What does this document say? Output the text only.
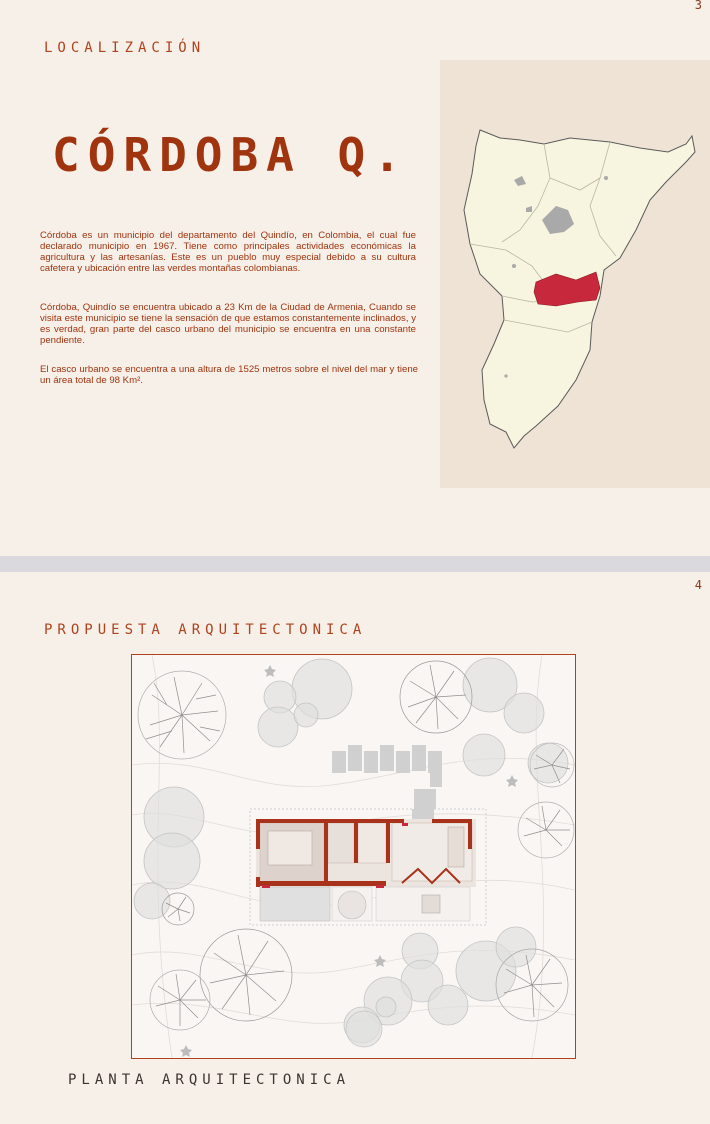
3
LOCALIZACIÓN
CÓRDOBA Q.

Córdoba es un municipio del departamento del Quindío, en Colombia, el cual fue declarado municipio en 1967. Tiene como principales actividades económicas la agricultura y las artesanías. Este es un pueblo muy especial debido a su cultura cafetera y ubicación entre las verdes montañas colombianas.

Córdoba, Quindío se encuentra ubicado a 23 Km de la Ciudad de Armenia, Cuando se visita este municipio se tiene la sensación de que estamos constantemente inclinados, y es verdad, gran parte del casco urbano del municipio se encuentra en una constante pendiente.

El casco urbano se encuentra a una altura de 1525 metros sobre el nivel del mar y tiene un área total de 98 Km².

4
PROPUESTA ARQUITECTONICA
PLANTA ARQUITECTONICA
